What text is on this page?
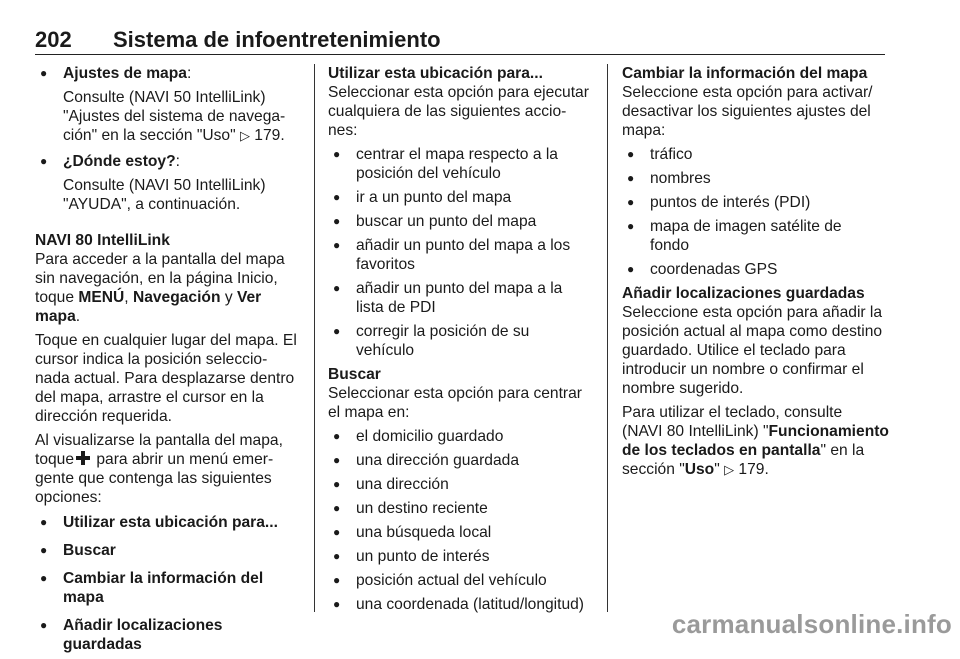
202 Sistema de infoentretenimiento
● Ajustes de mapa:
Consulte (NAVI 50 IntelliLink)
"Ajustes del sistema de navega-
ción" en la sección "Uso" ▷ 179.
● ¿Dónde estoy?:
Consulte (NAVI 50 IntelliLink)
"AYUDA", a continuación.
NAVI 80 IntelliLink

Para acceder a la pantalla del mapa
sin navegación, en la página Inicio,
toque MENÚ, Navegación y Ver
mapa.

Toque en cualquier lugar del mapa. El
cursor indica la posición seleccio-
nada actual. Para desplazarse dentro
del mapa, arrastre el cursor en la
dirección requerida.

Al visualizarse la pantalla del mapa,
toque para abrir un menú emer-
gente que contenga las siguientes
opciones:

● Utilizar esta ubicación para...
● Buscar
● Cambiar la información del mapa
● Añadir localizaciones guardadas
Utilizar esta ubicación para...

Seleccionar esta opción para ejecutar
cualquiera de las siguientes accio-
nes:

● centrar el mapa respecto a la
posición del vehículo
● ir a un punto del mapa
● buscar un punto del mapa
● añadir un punto del mapa a los
favoritos
● añadir un punto del mapa a la
lista de PDI
● corregir la posición de su
vehículo
Buscar

Seleccionar esta opción para centrar
el mapa en:

● el domicilio guardado
● una dirección guardada
● una dirección
● un destino reciente
● una búsqueda local
● un punto de interés
● posición actual del vehículo
● una coordenada (latitud/longitud)
Cambiar la información del mapa

Seleccione esta opción para activar/
desactivar los siguientes ajustes del
mapa:

● tráfico
● nombres
● puntos de interés (PDI)
● mapa de imagen satélite de
fondo
● coordenadas GPS
Añadir localizaciones guardadas

Seleccione esta opción para añadir la
posición actual al mapa como destino
guardado. Utilice el teclado para
introducir un nombre o confirmar el
nombre sugerido.

Para utilizar el teclado, consulte
(NAVI 80 IntelliLink) "Funcionamiento
de los teclados en pantalla" en la
sección "Uso" ▷ 179.

carmanualsonline.info
